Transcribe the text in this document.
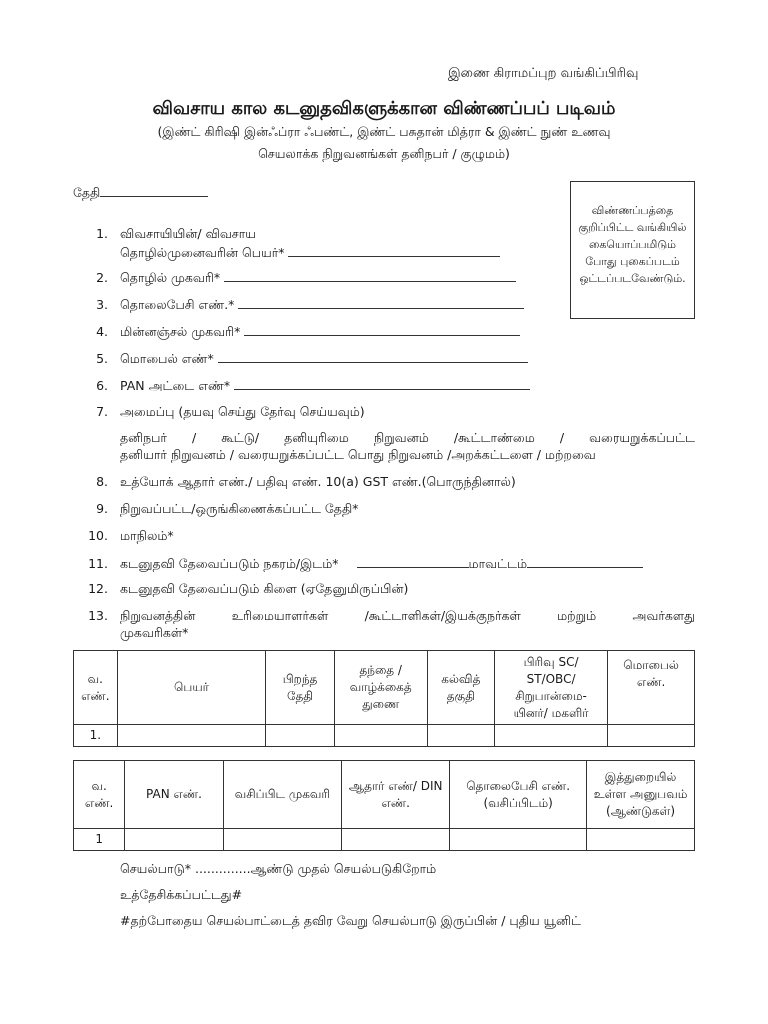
இணை கிராமப்புற வங்கிப்பிரிவு
விவசாய கால கடனுதவிகளுக்கான விண்ணப்பப் படிவம்
(இண்ட் கிரிஷி இன்ஃப்ரா ஃபண்ட், இண்ட் பசுதான் மித்ரா & இண்ட் நுண் உணவு
செயலாக்க நிறுவனங்கள் தனிநபர் / குழுமம்)
தேதி
விண்ணப்பத்தை
குறிப்பிட்ட வங்கியில்
கையொப்பமிடும்
போது புகைப்படம்
ஒட்டப்படவேண்டும்.
1. விவசாயியின்/ விவசாய
தொழில்முனைவரின் பெயர்*
2. தொழில் முகவரி*
3. தொலைபேசி எண்.*
4. மின்னஞ்சல் முகவரி*
5. மொபைல் எண்*
6. PAN அட்டை எண்*
7. அமைப்பு (தயவு செய்து தேர்வு செய்யவும்)
தனிநபர் / கூட்டு/ தனியுரிமை நிறுவனம் /கூட்டாண்மை / வரையறுக்கப்பட்ட
தனியார் நிறுவனம் / வரையறுக்கப்பட்ட பொது நிறுவனம் /அறக்கட்டளை / மற்றவை
8. உத்யோக் ஆதார் எண்./ பதிவு எண். 10(a) GST எண்.(பொருந்தினால்)
9. நிறுவப்பட்ட/ஒருங்கிணைக்கப்பட்ட தேதி*
10. மாநிலம்*
11. கடனுதவி தேவைப்படும் நகரம்/இடம்*	மாவட்டம்
12. கடனுதவி தேவைப்படும் கிளை (ஏதேனுமிருப்பின்)
13. நிறுவனத்தின் உரிமையாளர்கள் /கூட்டாளிகள்/இயக்குநர்கள் மற்றும் அவர்களது
முகவரிகள்*
வ. எண்.	பெயர்	பிறந்த தேதி	தந்தை / வாழ்க்கைத் துணை	கல்வித் தகுதி	பிரிவு SC/ ST/OBC/ சிறுபான்மை- யினர்/ மகளிர்	மொபைல் எண்.
1.						
வ. எண்.	PAN எண்.	வசிப்பிட முகவரி	ஆதார் எண்/ DIN எண்.	தொலைபேசி எண். (வசிப்பிடம்)	இத்துறையில் உள்ள அனுபவம் (ஆண்டுகள்)
1					
செயல்பாடு* ..............ஆண்டு முதல் செயல்படுகிறோம்
உத்தேசிக்கப்பட்டது#
#தற்போதைய செயல்பாட்டைத் தவிர வேறு செயல்பாடு இருப்பின் / புதிய யூனிட்
